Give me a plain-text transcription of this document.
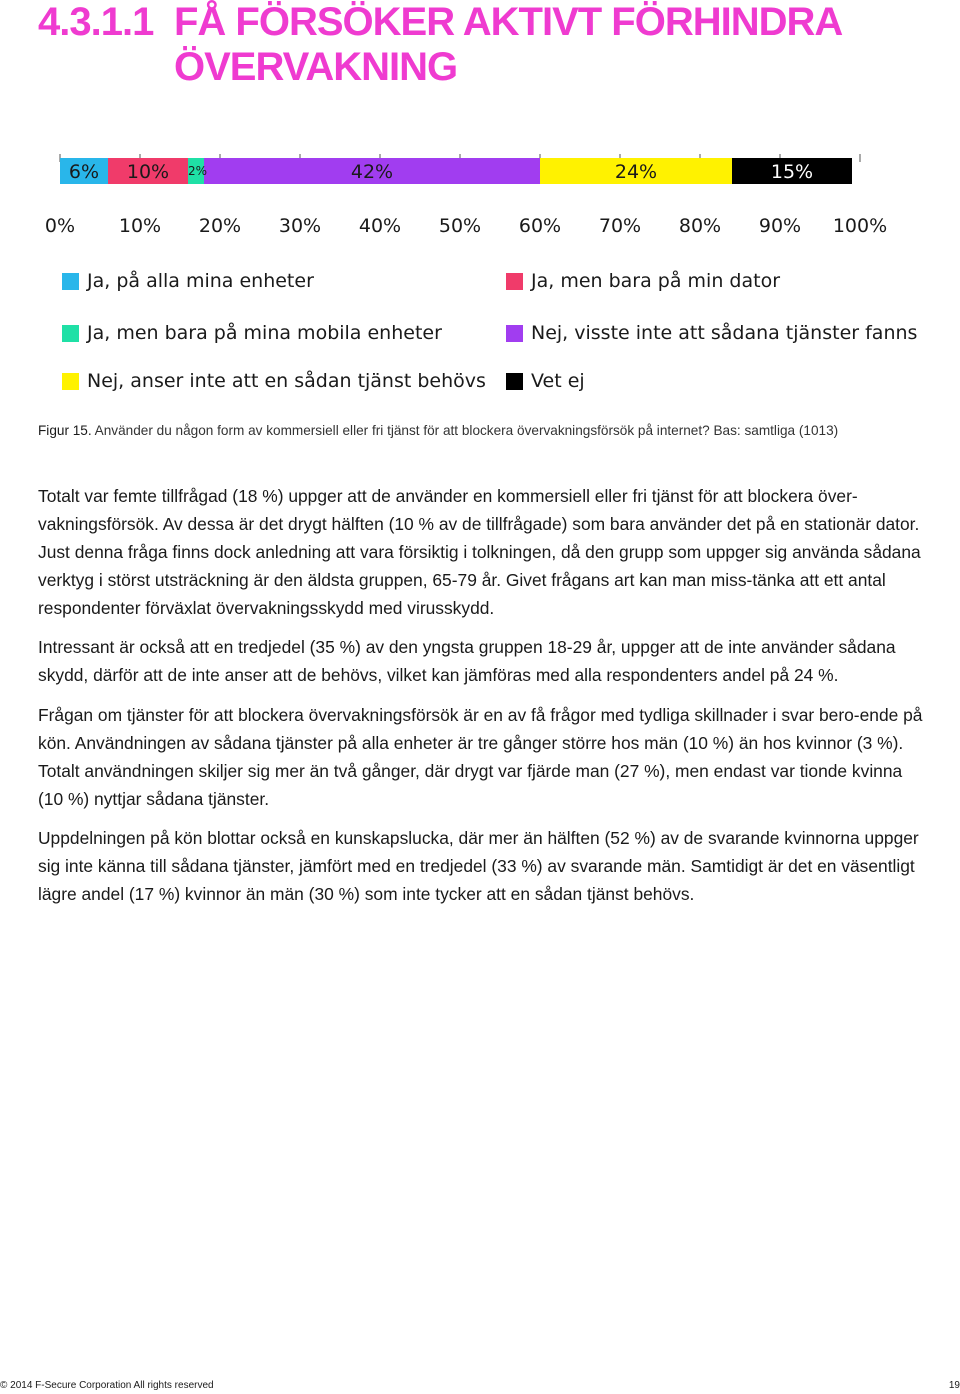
4.3.1.1 FÅ FÖRSÖKER AKTIVT FÖRHINDRA
ÖVERVAKNING
6% 10% 2%	42%	24%	15%
0% 10% 20% 30% 40% 50% 60% 70% 80% 90% 100%
Ja, på alla mina enheter	Ja, men bara på min dator
Ja, men bara på mina mobila enheter	Nej, visste inte att sådana tjänster fanns
Nej, anser inte att en sådan tjänst behövs Vet ej
Figur 15. Använder du någon form av kommersiell eller fri tjänst för att blockera övervakningsförsök på internet? Bas: samtliga (1013)

Totalt var femte tillfrågad (18 %) uppger att de använder en kommersiell eller fri tjänst för att blockera över-vakningsförsök. Av dessa är det drygt hälften (10 % av de tillfrågade) som bara använder det på en stationär dator. Just denna fråga finns dock anledning att vara försiktig i tolkningen, då den grupp som uppger sig använda sådana verktyg i störst utsträckning är den äldsta gruppen, 65-79 år. Givet frågans art kan man miss-tänka att ett antal respondenter förväxlat övervakningsskydd med virusskydd.

Intressant är också att en tredjedel (35 %) av den yngsta gruppen 18-29 år, uppger att de inte använder sådana skydd, därför att de inte anser att de behövs, vilket kan jämföras med alla respondenters andel på 24 %.

Frågan om tjänster för att blockera övervakningsförsök är en av få frågor med tydliga skillnader i svar bero-ende på kön. Användningen av sådana tjänster på alla enheter är tre gånger större hos män (10 %) än hos kvinnor (3 %). Totalt användningen skiljer sig mer än två gånger, där drygt var fjärde man (27 %), men endast var tionde kvinna (10 %) nyttjar sådana tjänster.

Uppdelningen på kön blottar också en kunskapslucka, där mer än hälften (52 %) av de svarande kvinnorna uppger sig inte känna till sådana tjänster, jämfört med en tredjedel (33 %) av svarande män. Samtidigt är det en väsentligt lägre andel (17 %) kvinnor än män (30 %) som inte tycker att en sådan tjänst behövs.

© 2014 F-Secure Corporation All rights reserved	19
